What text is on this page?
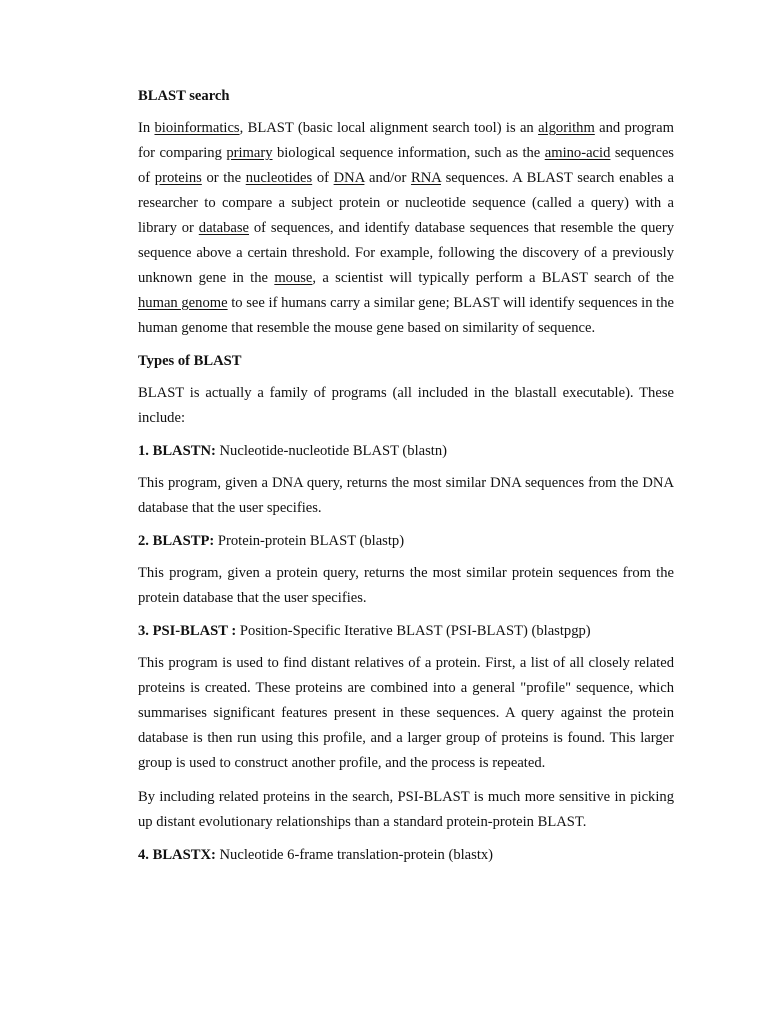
BLAST search

In bioinformatics, BLAST (basic local alignment search tool) is an algorithm and program for comparing primary biological sequence information, such as the amino-acid sequences of proteins or the nucleotides of DNA and/or RNA sequences. A BLAST search enables a researcher to compare a subject protein or nucleotide sequence (called a query) with a library or database of sequences, and identify database sequences that resemble the query sequence above a certain threshold. For example, following the discovery of a previously unknown gene in the mouse, a scientist will typically perform a BLAST search of the human genome to see if humans carry a similar gene; BLAST will identify sequences in the human genome that resemble the mouse gene based on similarity of sequence.

Types of BLAST

BLAST is actually a family of programs (all included in the blastall executable). These include:

1. BLASTN: Nucleotide-nucleotide BLAST (blastn)

This program, given a DNA query, returns the most similar DNA sequences from the DNA database that the user specifies.

2. BLASTP: Protein-protein BLAST (blastp)

This program, given a protein query, returns the most similar protein sequences from the protein database that the user specifies.

3. PSI-BLAST : Position-Specific Iterative BLAST (PSI-BLAST) (blastpgp)

This program is used to find distant relatives of a protein. First, a list of all closely related proteins is created. These proteins are combined into a general "profile" sequence, which summarises significant features present in these sequences. A query against the protein database is then run using this profile, and a larger group of proteins is found. This larger group is used to construct another profile, and the process is repeated.

By including related proteins in the search, PSI-BLAST is much more sensitive in picking up distant evolutionary relationships than a standard protein-protein BLAST.

4. BLASTX: Nucleotide 6-frame translation-protein (blastx)
